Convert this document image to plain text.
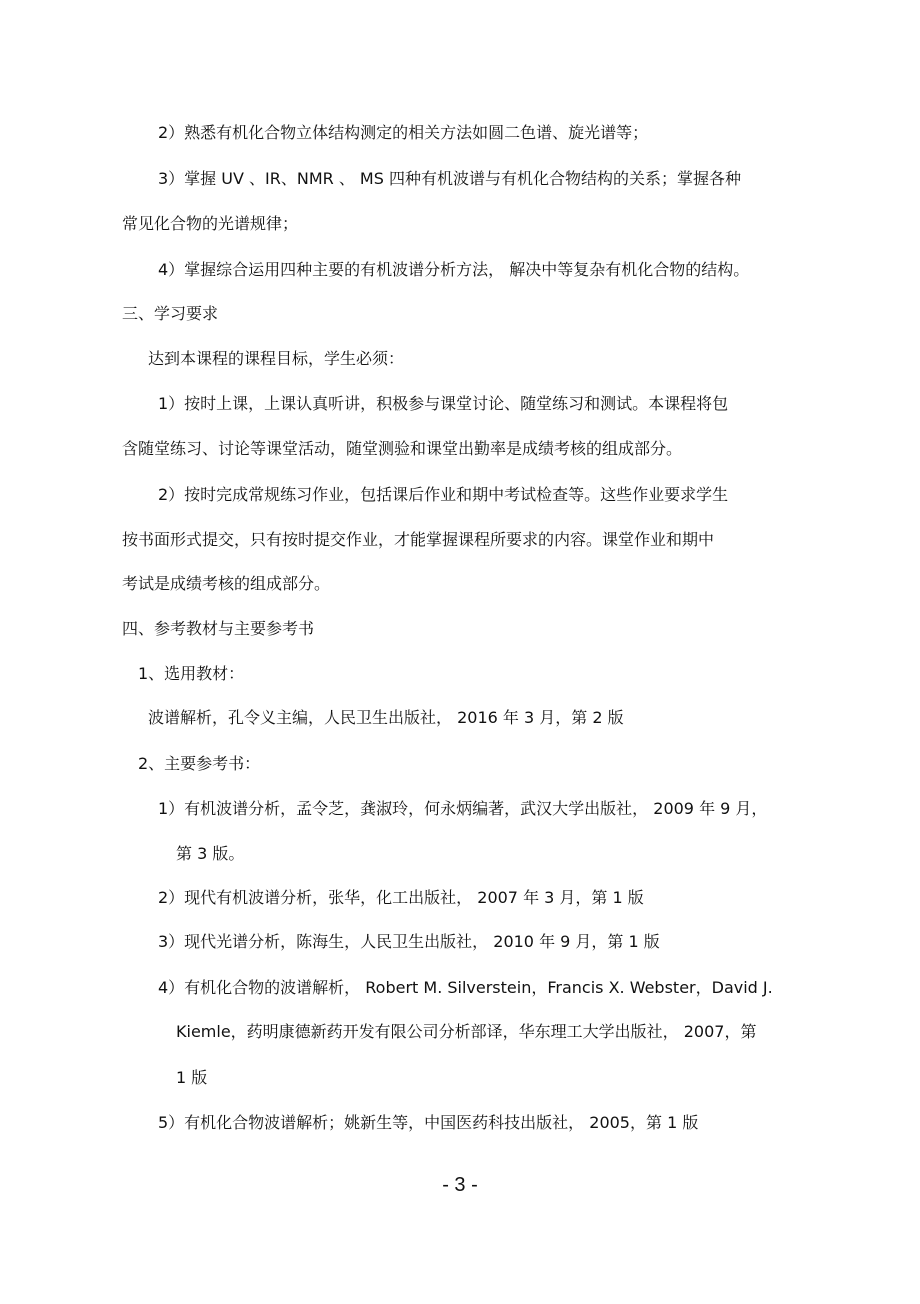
2）熟悉有机化合物立体结构测定的相关方法如圆二色谱、旋光谱等；
3）掌握 UV 、IR、NMR 、 MS 四种有机波谱与有机化合物结构的关系；掌握各种
常见化合物的光谱规律；
4）掌握综合运用四种主要的有机波谱分析方法， 解决中等复杂有机化合物的结构。
三、学习要求
达到本课程的课程目标，学生必须：
1）按时上课，上课认真听讲，积极参与课堂讨论、随堂练习和测试。本课程将包
含随堂练习、讨论等课堂活动，随堂测验和课堂出勤率是成绩考核的组成部分。
2）按时完成常规练习作业，包括课后作业和期中考试检查等。这些作业要求学生
按书面形式提交，只有按时提交作业，才能掌握课程所要求的内容。课堂作业和期中
考试是成绩考核的组成部分。
四、参考教材与主要参考书
1、选用教材：
波谱解析，孔令义主编，人民卫生出版社， 2016 年 3 月，第 2 版
2、主要参考书：
1）有机波谱分析，孟令芝，龚淑玲，何永炳编著，武汉大学出版社， 2009 年 9 月，
第 3 版。
2）现代有机波谱分析，张华，化工出版社， 2007 年 3 月，第 1 版
3）现代光谱分析，陈海生，人民卫生出版社， 2010 年 9 月，第 1 版
4）有机化合物的波谱解析， Robert M. Silverstein，Francis X. Webster，David J.
Kiemle，药明康德新药开发有限公司分析部译，华东理工大学出版社， 2007，第
1 版
5）有机化合物波谱解析；姚新生等，中国医药科技出版社， 2005，第 1 版
- 3 -
